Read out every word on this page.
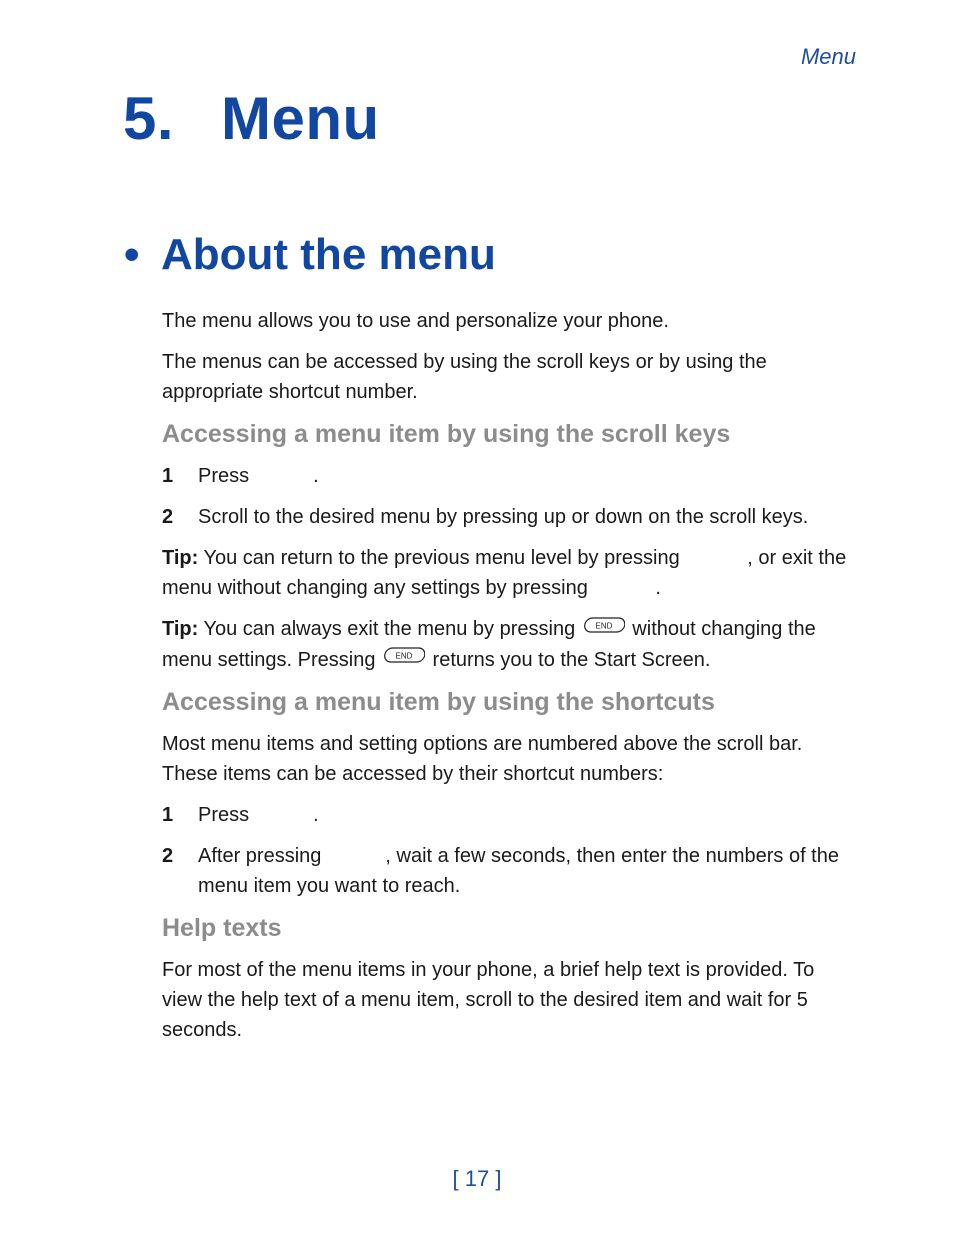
Menu
5. Menu
• About the menu

The menu allows you to use and personalize your phone.

The menus can be accessed by using the scroll keys or by using the appropriate shortcut number.

Accessing a menu item by using the scroll keys
1	Press	.
2	Scroll to the desired menu by pressing up or down on the scroll keys.

Tip: You can return to the previous menu level by pressing	, or exit the menu without changing any settings by pressing	.

Tip: You can always exit the menu by pressing END without changing the menu settings. Pressing END returns you to the Start Screen.

Accessing a menu item by using the shortcuts

Most menu items and setting options are numbered above the scroll bar. These items can be accessed by their shortcut numbers:

1	Press	.
2	After pressing	, wait a few seconds, then enter the numbers of the menu item you want to reach.
Help texts

For most of the menu items in your phone, a brief help text is provided. To view the help text of a menu item, scroll to the desired item and wait for 5 seconds.

[ 17 ]
